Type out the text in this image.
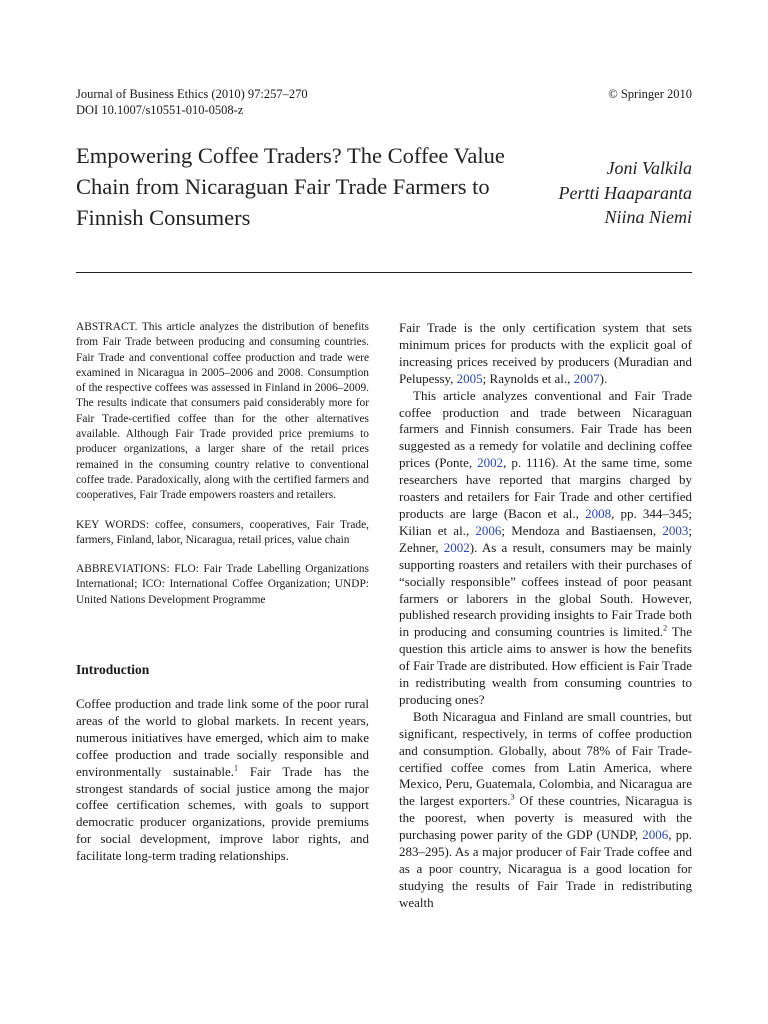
Journal of Business Ethics (2010) 97:257–270
DOI 10.1007/s10551-010-0508-z
© Springer 2010
Empowering Coffee Traders? The Coffee Value Chain from Nicaraguan Fair Trade Farmers to Finnish Consumers
Joni Valkila
Pertti Haaparanta
Niina Niemi

ABSTRACT. This article analyzes the distribution of benefits from Fair Trade between producing and consuming countries. Fair Trade and conventional coffee production and trade were examined in Nicaragua in 2005–2006 and 2008. Consumption of the respective coffees was assessed in Finland in 2006–2009. The results indicate that consumers paid considerably more for Fair Trade-certified coffee than for the other alternatives available. Although Fair Trade provided price premiums to producer organizations, a larger share of the retail prices remained in the consuming country relative to conventional coffee trade. Paradoxically, along with the certified farmers and cooperatives, Fair Trade empowers roasters and retailers.

KEY WORDS: coffee, consumers, cooperatives, Fair Trade, farmers, Finland, labor, Nicaragua, retail prices, value chain

ABBREVIATIONS: FLO: Fair Trade Labelling Organizations International; ICO: International Coffee Organization; UNDP: United Nations Development Programme

Introduction

Coffee production and trade link some of the poor rural areas of the world to global markets. In recent years, numerous initiatives have emerged, which aim to make coffee production and trade socially responsible and environmentally sustainable.$^1$ Fair Trade has the strongest standards of social justice among the major coffee certification schemes, with goals to support democratic producer organizations, provide premiums for social development, improve labor rights, and facilitate long-term trading relationships.

Fair Trade is the only certification system that sets minimum prices for products with the explicit goal of increasing prices received by producers (Muradian and Pelupessy, 2005; Raynolds et al., 2007).

This article analyzes conventional and Fair Trade coffee production and trade between Nicaraguan farmers and Finnish consumers. Fair Trade has been suggested as a remedy for volatile and declining coffee prices (Ponte, 2002, p. 1116). At the same time, some researchers have reported that margins charged by roasters and retailers for Fair Trade and other certified products are large (Bacon et al., 2008, pp. 344–345; Kilian et al., 2006; Mendoza and Bastiaensen, 2003; Zehner, 2002). As a result, consumers may be mainly supporting roasters and retailers with their purchases of “socially responsible” coffees instead of poor peasant farmers or laborers in the global South. However, published research providing insights to Fair Trade both in producing and consuming countries is limited.$^2$ The question this article aims to answer is how the benefits of Fair Trade are distributed. How efficient is Fair Trade in redistributing wealth from consuming countries to producing ones?

Both Nicaragua and Finland are small countries, but significant, respectively, in terms of coffee production and consumption. Globally, about 78% of Fair Trade-certified coffee comes from Latin America, where Mexico, Peru, Guatemala, Colombia, and Nicaragua are the largest exporters.$^3$ Of these countries, Nicaragua is the poorest, when poverty is measured with the purchasing power parity of the GDP (UNDP, 2006, pp. 283–295). As a major producer of Fair Trade coffee and as a poor country, Nicaragua is a good location for studying the results of Fair Trade in redistributing wealth
